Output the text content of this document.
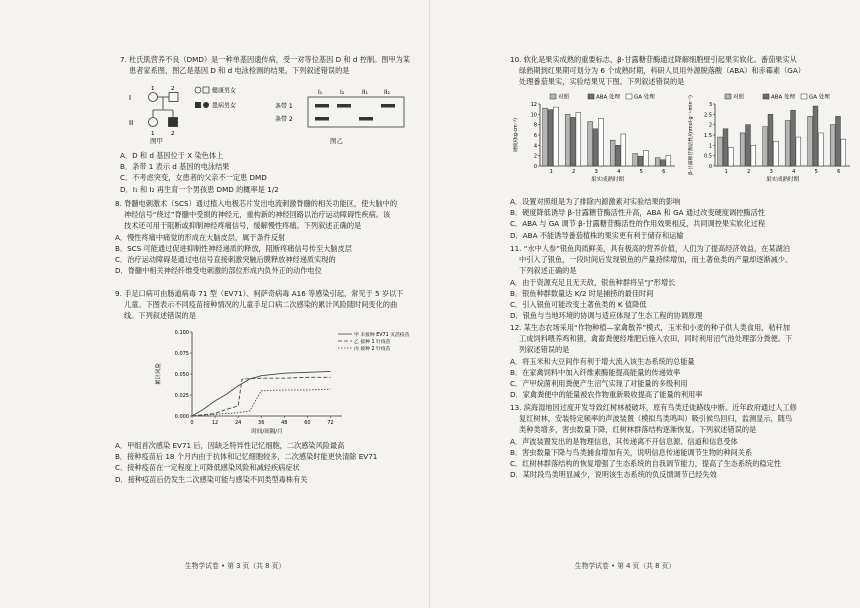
7. 杜氏肌营养不良（DMD）是一种单基因遗传病，受一对等位基因 D 和 d 控制。图甲为某

患者家系图，图乙是基因 D 和 d 电泳检测的结果。下列叙述错误的是

I
II
1	2
1	2
健康男女
患病男女
I₁	I₂	II₁	II₂
条带 1
条带 2
图甲	图乙

A．D 和 d 基因位于 X 染色体上

B．条带 1 表示 d 基因的电泳结果

C．不考虑突变，女患者的父亲不一定患 DMD

D．I₁ 和 I₂ 再生育一个男孩患 DMD 的概率是 1/2

8. 脊髓电刺激术（SCS）通过植入电极芯片发出电流刺激脊髓的相关功能区，使大脑中的

神经信号“绕过”脊髓中受损的神经元，重构新的神经回路以治疗运动障碍性疾病。该

技术还可用于阻断或抑制神经疼痛信号，缓解慢性疼痛。下列叙述正确的是

A．慢性疼痛中痛觉的形成在大脑皮层，属于条件反射

B．SCS 可能通过促进抑制性神经递质的释放，阻断疼痛信号传至大脑皮层

C．治疗运动障碍是通过电信号直接刺激突触后膜释放神经递质实现的

D．脊髓中相关神经纤维受电刺激的部位形成内负外正的动作电位

9. 手足口病可由肠道病毒 71 型（EV71）、柯萨奇病毒 A16 等感染引起，常见于 5 岁以下

儿童。下图表示不同疫苗接种情况的儿童手足口病二次感染的累计风险随时间变化的曲

线。下列叙述错误的是

0.000
0.025
0.050
0.075
0.100
0	12	24	36	48	60	72
时间/间隔/月
累计风险
甲 未接种 EV71 灭活疫苗
乙 接种 1 针疫苗
丙 接种 2 针疫苗

A．甲组首次感染 EV71 后，因缺乏特异性记忆细胞，二次感染风险最高

B．接种疫苗后 18 个月内由于抗体和记忆细胞较多，二次感染时能更快清除 EV71

C．接种疫苗在一定程度上可降低感染风险和减轻疾病症状

D．接种疫苗后仍发生二次感染可能与感染不同类型毒株有关

生物学试卷 • 第 3 页（共 8 页）

10. 软化是果实成熟的重要标志，β-甘露糖苷酶通过降解细胞壁引起果实软化。番茄果实从

绿熟期到红果期可划分为 6 个成熟时期，科研人员用外源脱落酸（ABA）和赤霉素（GA）

处理番茄果实，实验结果见下图。下列叙述错误的是

0
2
4
6
8
10
12
1	2	3	4	5	6
果实成熟时期
硬度/(kg·cm⁻²)
对照	ABA 处理	GA 处理
0
0.5
1
1.5
2
2.5
3
1	2	3	4	5	6
果实成熟时期
β-甘露糖苷酶活性/(nmol·g⁻¹·min⁻¹)	对照	ABA 处理	GA 处理

A．设置对照组是为了排除内源激素对实验结果的影响

B．硬度降低诱导 β-甘露糖苷酶活性升高，ABA 和 GA 通过改变硬度调控酶活性

C．ABA 与 GA 调节 β-甘露糖苷酶活性的作用效果相反，共同调控果实软化过程

D．ABA 不能诱导番茄植株的果实更有利于储存和运输

11. “水中人参”银鱼肉质鲜美，具有极高的营养价值，人们为了提高经济效益，在某湖泊

中引入了银鱼，一段时间后发现银鱼的产量持续增加，而土著鱼类的产量却逐渐减少。

下列叙述正确的是

A．由于资源充足且无天敌，银鱼种群将呈“J”形增长

B．银鱼种群数量达 K/2 时是捕捞的最佳时间

C．引入银鱼可能改变土著鱼类的 K 值降低

D．银鱼与当地环境的协调与适应体现了生态工程的协调原理

12. 某生态农场采用“作物种植—家禽散养”模式，玉米和小麦的种子供人类食用，秸秆加

工成饲料喂养鸡和猪，禽畜粪便经堆肥后施入农田，同时利用沼气池处理部分粪便。下

列叙述错误的是

A．将玉米和大豆间作有利于增大流入该生态系统的总能量

B．在家禽饲料中加入纤维素酶能提高能量的传递效率

C．产甲烷菌利用粪便产生沼气实现了对能量的多级利用

D．家禽粪便中的能量被农作物重新吸收提高了能量的利用率

13. 滨海湿地因过度开发导致红树林被破坏，原有鸟类迁徙路线中断。近年政府通过人工修

复红树林，安装特定频率的声波装置（模拟鸟类鸣叫）吸引候鸟回归，监测显示，随鸟

类种类增多，害虫数量下降，红树林群落结构逐渐恢复。下列叙述错误的是

A．声波装置发出的是物理信息，其传递离不开信息源、信道和信息受体

B．害虫数量下降与鸟类捕食增加有关，说明信息传递能调节生物的种间关系

C．红树林群落结构的恢复增强了生态系统的自我调节能力，提高了生态系统的稳定性

D．某时段鸟类明显减少，说明该生态系统的负反馈调节已经失效

生物学试卷 • 第 4 页（共 8 页）
